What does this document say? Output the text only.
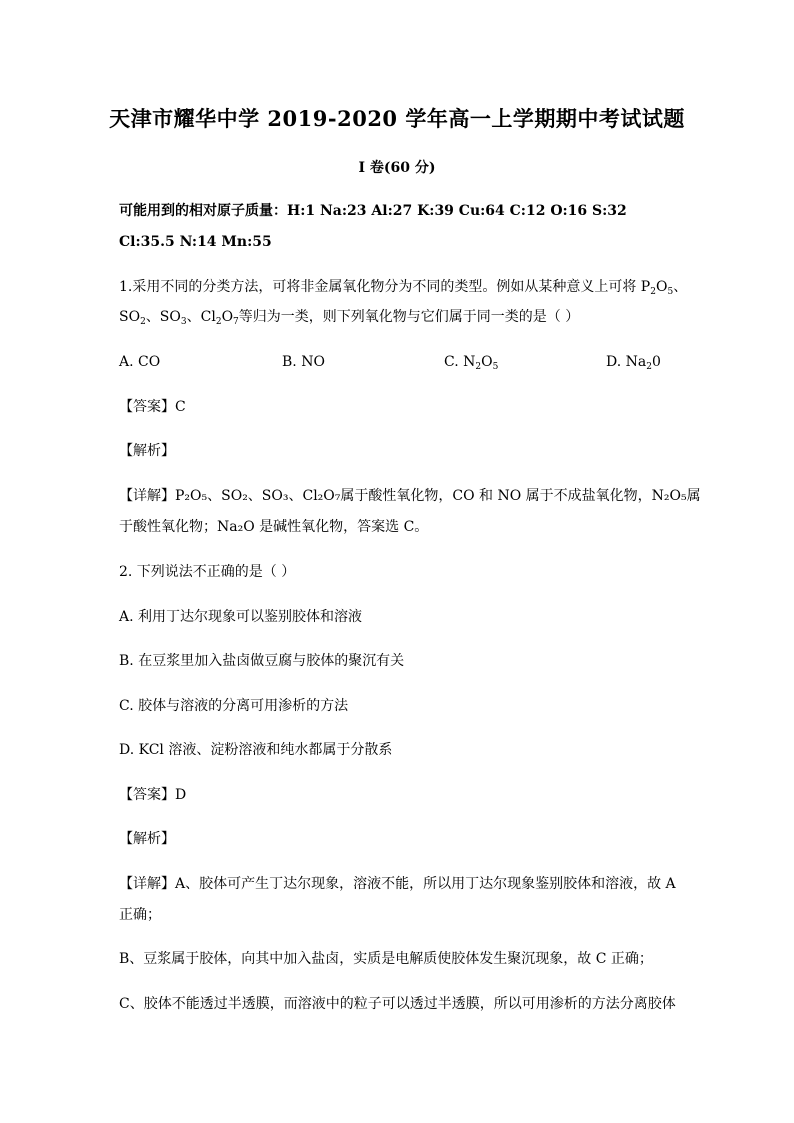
天津市耀华中学 2019-2020 学年高一上学期期中考试试题
I 卷(60 分)
可能用到的相对原子质量：H:1 Na:23 Al:27 K:39 Cu:64 C:12 O:16 S:32
Cl:35.5 N:14 Mn:55
1.采用不同的分类方法，可将非金属氧化物分为不同的类型。例如从某种意义上可将 $P_2O_5$、
$SO_2$、$SO_3$、$Cl_2O_7$等归为一类，则下列氧化物与它们属于同一类的是（ ）
A. CO	B. NO	C. $N_2O_5$	D. $Na_20$
【答案】C
【解析】
【详解】P₂O₅、SO₂、SO₃、Cl₂O₇属于酸性氧化物，CO 和 NO 属于不成盐氧化物，N₂O₅属
于酸性氧化物；Na₂O 是碱性氧化物，答案选 C。
2. 下列说法不正确的是（ ）
A. 利用丁达尔现象可以鉴别胶体和溶液
B. 在豆浆里加入盐卤做豆腐与胶体的聚沉有关
C. 胶体与溶液的分离可用渗析的方法
D. KCl 溶液、淀粉溶液和纯水都属于分散系
【答案】D
【解析】
【详解】A、胶体可产生丁达尔现象，溶液不能，所以用丁达尔现象鉴别胶体和溶液，故 A
正确；
B、豆浆属于胶体，向其中加入盐卤，实质是电解质使胶体发生聚沉现象，故 C 正确；
C、胶体不能透过半透膜，而溶液中的粒子可以透过半透膜，所以可用渗析的方法分离胶体
